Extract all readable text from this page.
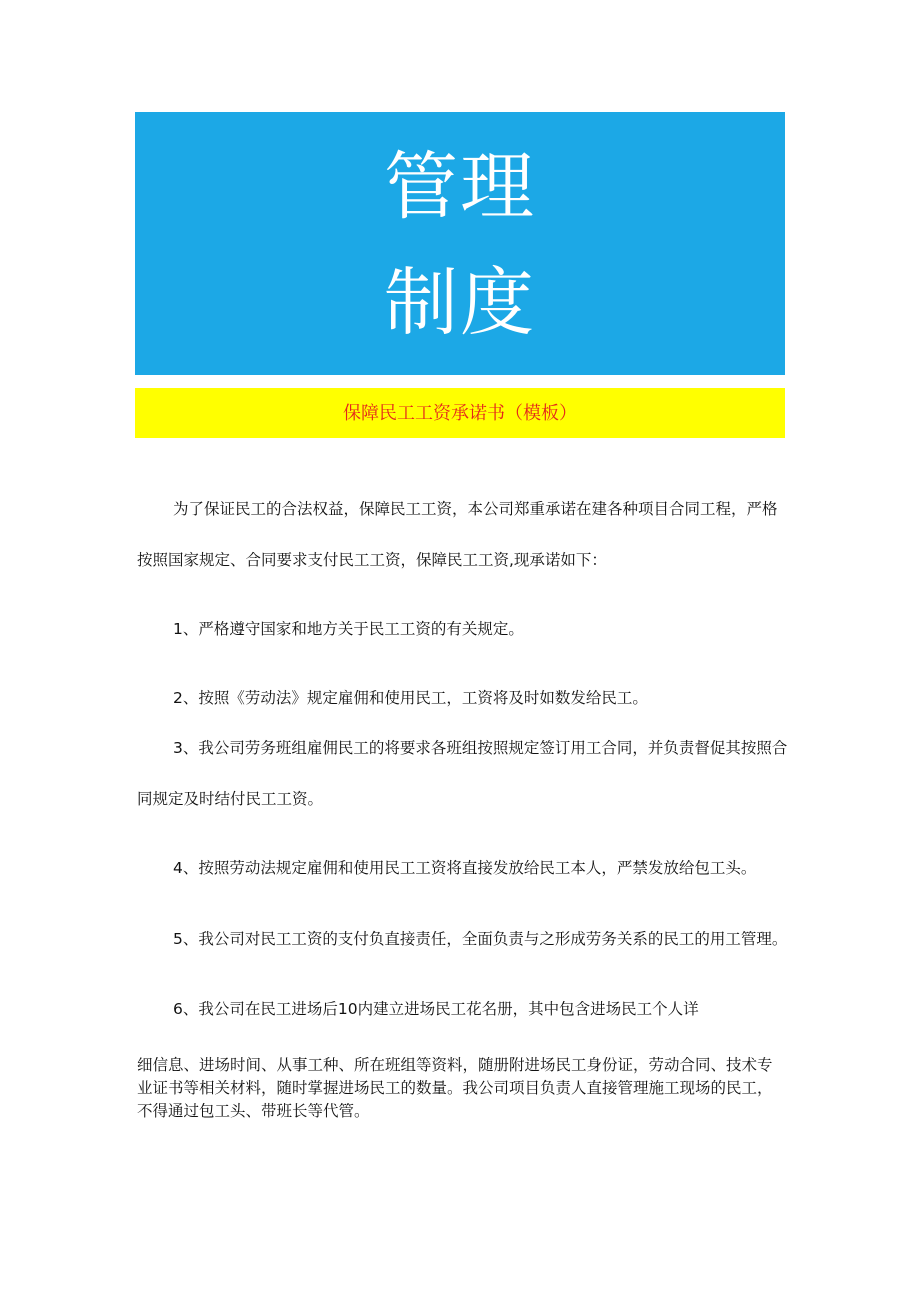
管理
制度
保障民工工资承诺书（模板）

为了保证民工的合法权益，保障民工工资，本公司郑重承诺在建各种项目合同工程，严格

按照国家规定、合同要求支付民工工资，保障民工工资,现承诺如下：

1、严格遵守国家和地方关于民工工资的有关规定。

2、按照《劳动法》规定雇佣和使用民工，工资将及时如数发给民工。

3、我公司劳务班组雇佣民工的将要求各班组按照规定签订用工合同，并负责督促其按照合

同规定及时结付民工工资。

4、按照劳动法规定雇佣和使用民工工资将直接发放给民工本人，严禁发放给包工头。

5、我公司对民工工资的支付负直接责任，全面负责与之形成劳务关系的民工的用工管理。

6、我公司在民工进场后10内建立进场民工花名册，其中包含进场民工个人详

细信息、进场时间、从事工种、所在班组等资料，随册附进场民工身份证，劳动合同、技术专

业证书等相关材料，随时掌握进场民工的数量。我公司项目负责人直接管理施工现场的民工，

不得通过包工头、带班长等代管。
